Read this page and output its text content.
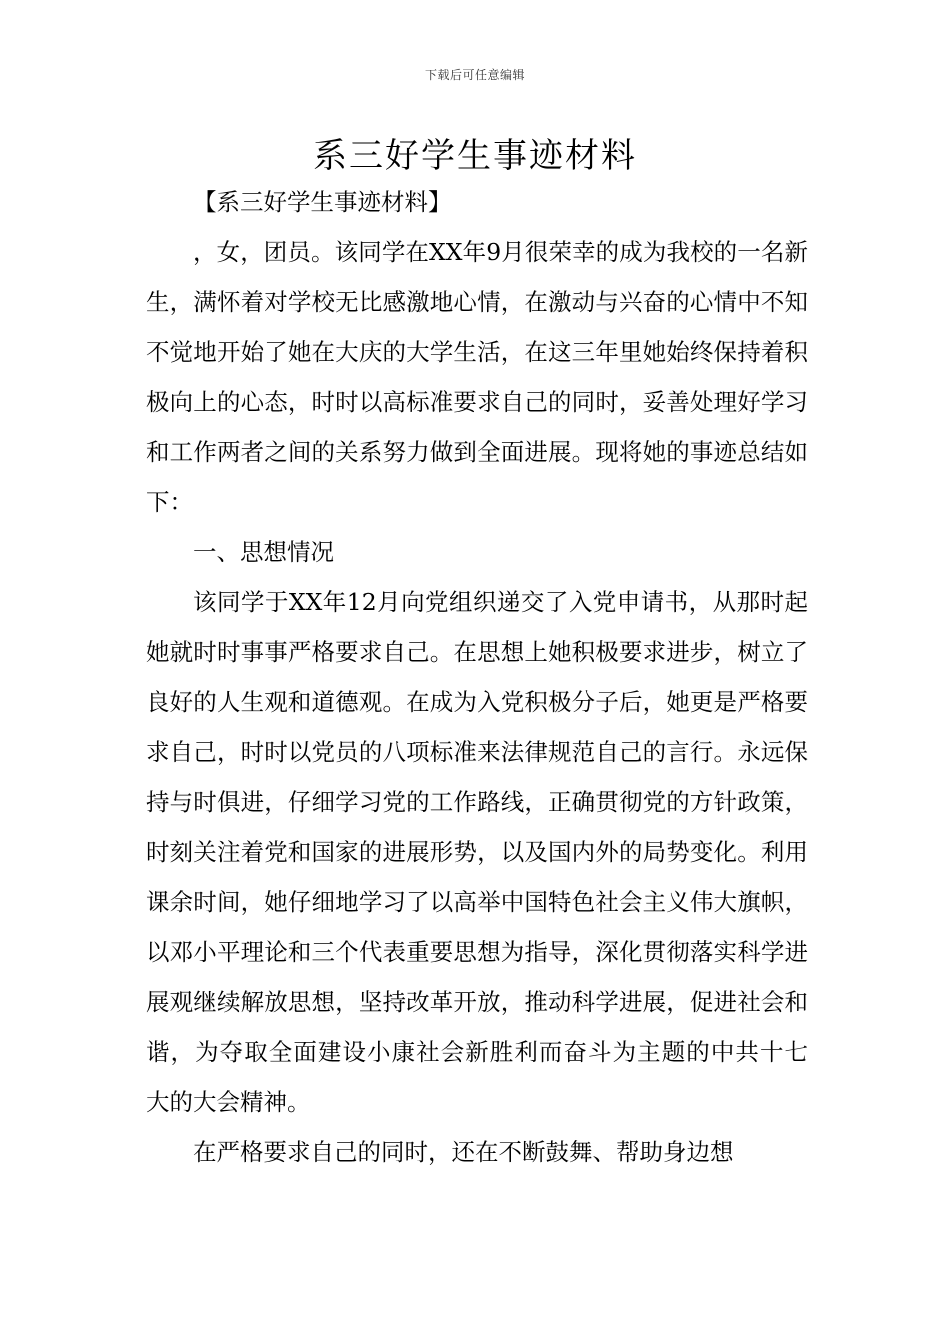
下载后可任意编辑
系三好学生事迹材料

【系三好学生事迹材料】

，女，团员。该同学在XX年9月很荣幸的成为我校的一名新生，满怀着对学校无比感激地心情，在激动与兴奋的心情中不知不觉地开始了她在大庆的大学生活，在这三年里她始终保持着积极向上的心态，时时以高标准要求自己的同时，妥善处理好学习和工作两者之间的关系努力做到全面进展。现将她的事迹总结如下：

一、思想情况

该同学于XX年12月向党组织递交了入党申请书，从那时起她就时时事事严格要求自己。在思想上她积极要求进步，树立了良好的人生观和道德观。在成为入党积极分子后，她更是严格要求自己，时时以党员的八项标准来法律规范自己的言行。永远保持与时俱进，仔细学习党的工作路线，正确贯彻党的方针政策，时刻关注着党和国家的进展形势，以及国内外的局势变化。利用课余时间，她仔细地学习了以高举中国特色社会主义伟大旗帜，以邓小平理论和三个代表重要思想为指导，深化贯彻落实科学进展观继续解放思想，坚持改革开放，推动科学进展，促进社会和谐，为夺取全面建设小康社会新胜利而奋斗为主题的中共十七 大的大会精神。

在严格要求自己的同时，还在不断鼓舞、帮助身边想
